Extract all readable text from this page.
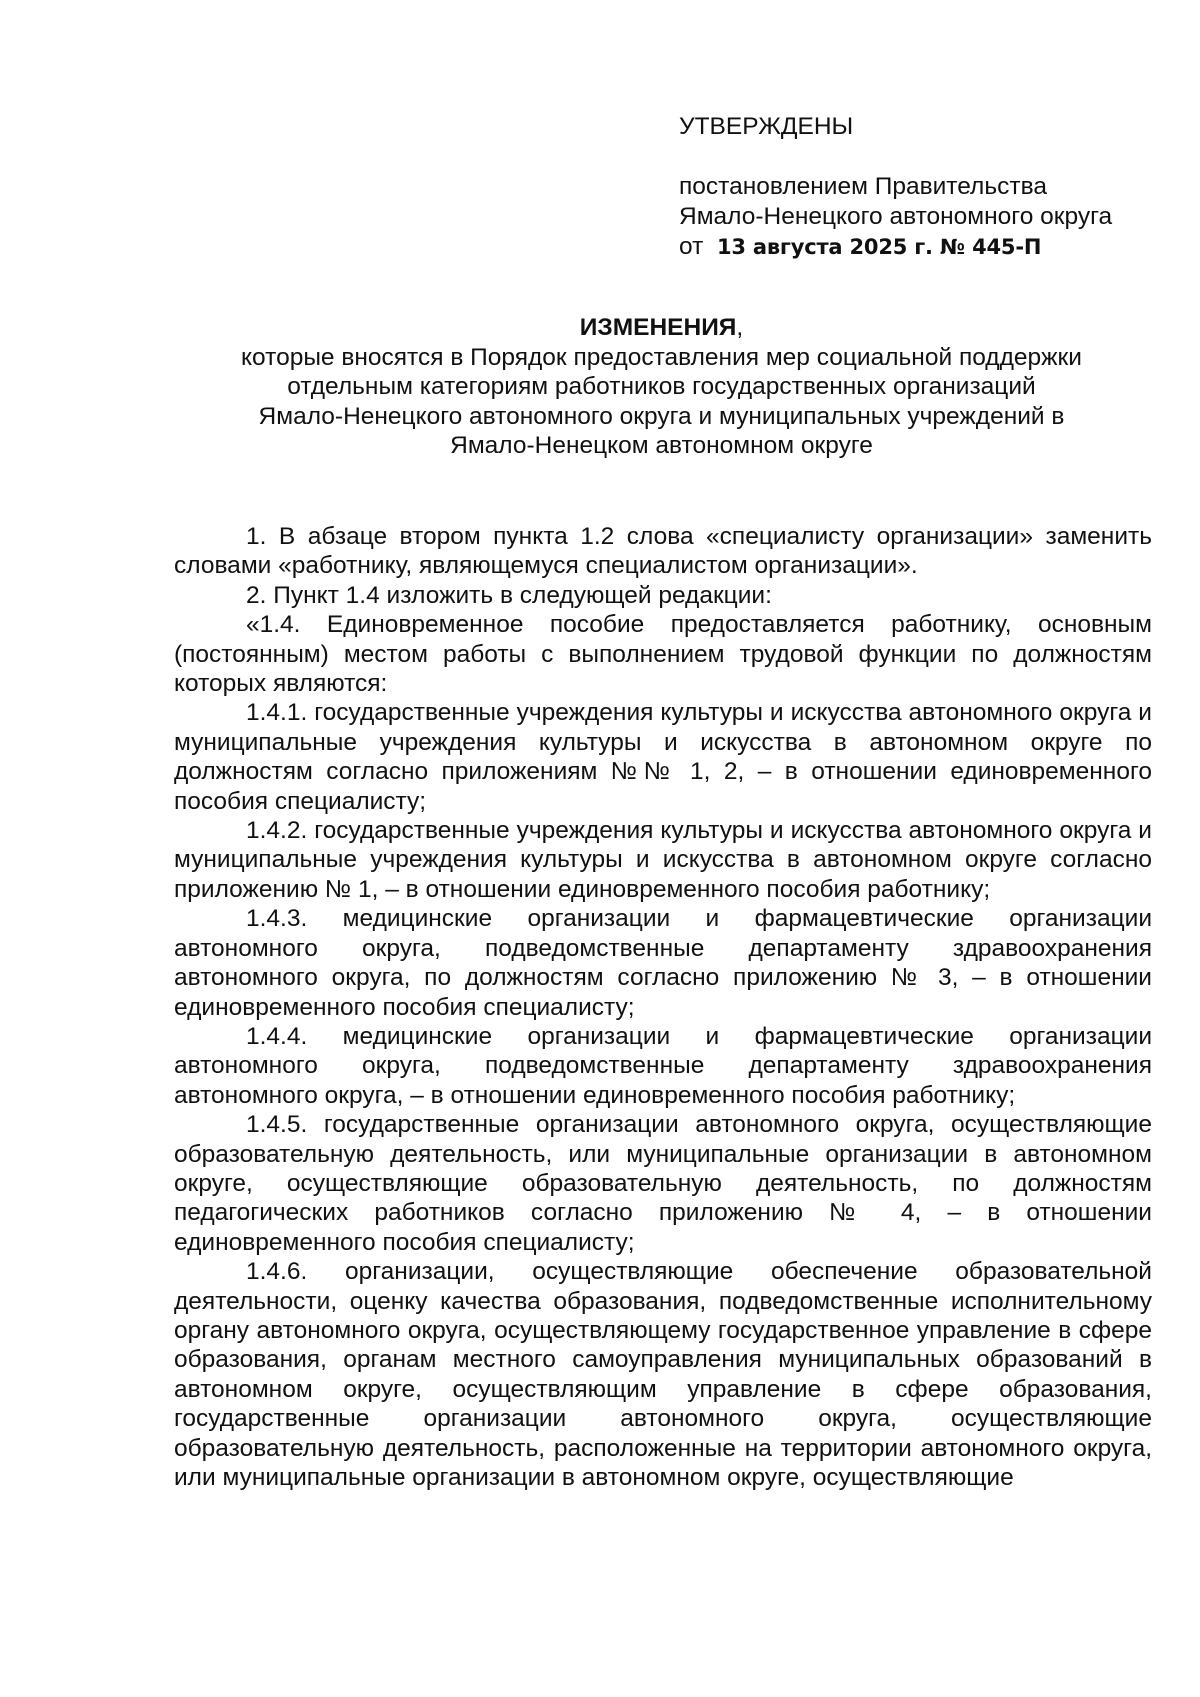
УТВЕРЖДЕНЫ
постановлением Правительства
Ямало-Ненецкого автономного округа
от  13 августа 2025 г. № 445-П
ИЗМЕНЕНИЯ,
которые вносятся в Порядок предоставления мер социальной поддержки
отдельным категориям работников государственных организаций
Ямало-Ненецкого автономного округа и муниципальных учреждений в
Ямало-Ненецком автономном округе

1. В абзаце втором пункта 1.2 слова «специалисту организации» заменить словами «работнику, являющемуся специалистом организации».

2. Пункт 1.4 изложить в следующей редакции:

«1.4. Единовременное пособие предоставляется работнику, основным (постоянным) местом работы с выполнением трудовой функции по должностям которых являются:

1.4.1. государственные учреждения культуры и искусства автономного округа и муниципальные учреждения культуры и искусства в автономном округе по должностям согласно приложениям №№ 1, 2, – в отношении единовременного пособия специалисту;

1.4.2. государственные учреждения культуры и искусства автономного округа и муниципальные учреждения культуры и искусства в автономном округе согласно приложению № 1, – в отношении единовременного пособия работнику;

1.4.3. медицинские организации и фармацевтические организации автономного округа, подведомственные департаменту здравоохранения автономного округа, по должностям согласно приложению № 3, – в отношении единовременного пособия специалисту;

1.4.4. медицинские организации и фармацевтические организации автономного округа, подведомственные департаменту здравоохранения автономного округа, – в отношении единовременного пособия работнику;

1.4.5. государственные организации автономного округа, осуществляющие образовательную деятельность, или муниципальные организации в автономном округе, осуществляющие образовательную деятельность, по должностям педагогических работников согласно приложению № 4, – в отношении единовременного пособия специалисту;

1.4.6. организации, осуществляющие обеспечение образовательной деятельности, оценку качества образования, подведомственные исполнительному органу автономного округа, осуществляющему государственное управление в сфере образования, органам местного самоуправления муниципальных образований в автономном округе, осуществляющим управление в сфере образования, государственные организации автономного округа, осуществляющие образовательную деятельность, расположенные на территории автономного округа, или муниципальные организации в автономном округе, осуществляющие
